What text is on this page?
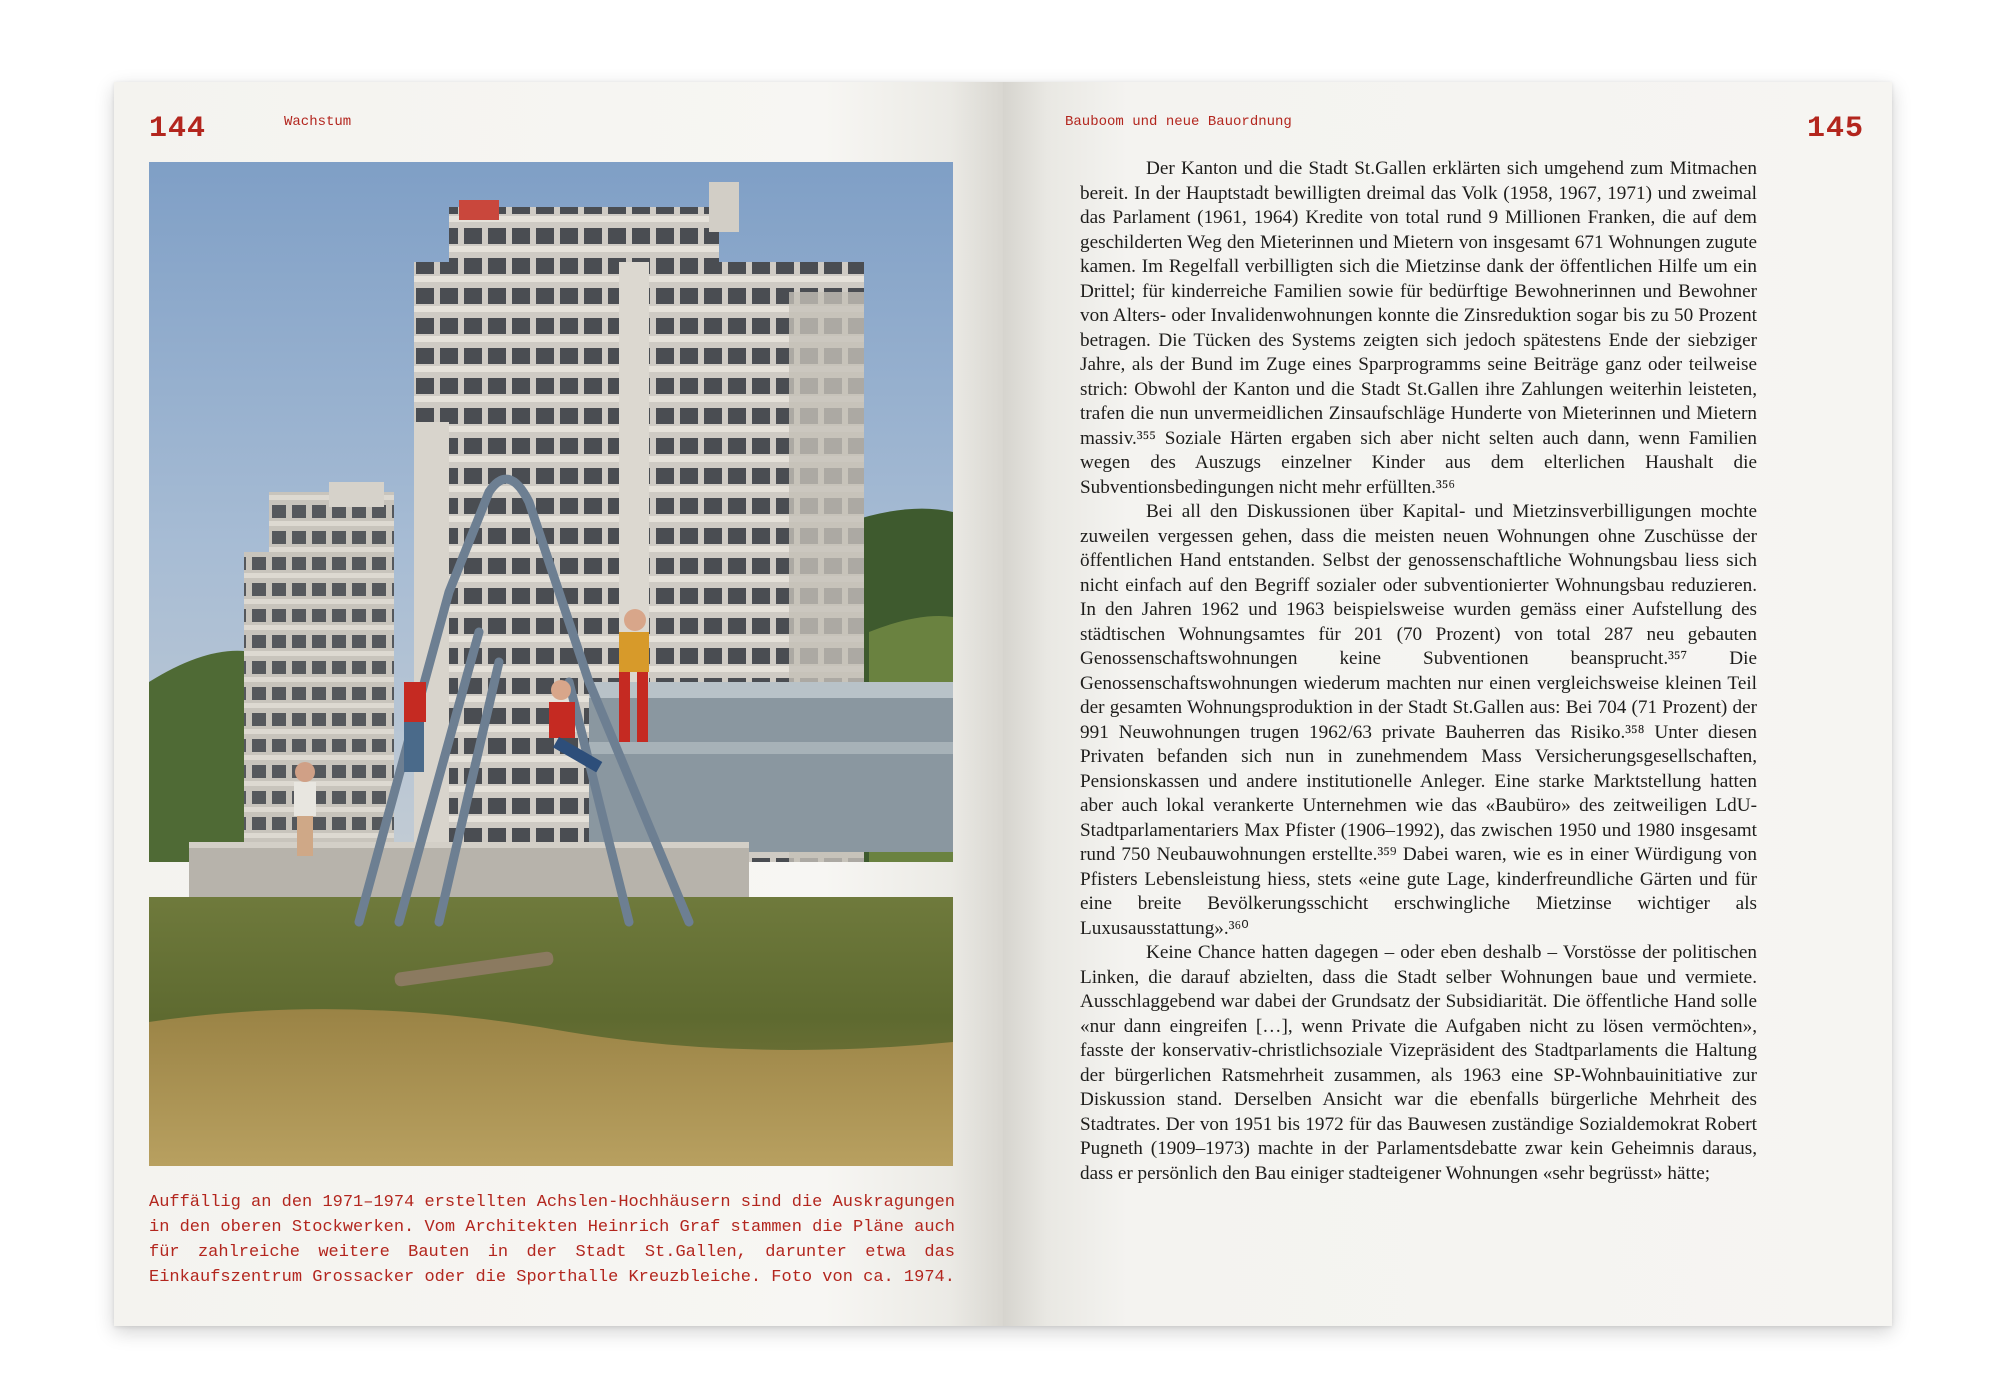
144	Wachstum

Auffällig an den 1971–1974 erstellten Achslen-Hochhäusern sind die Auskragungen in den oberen Stockwerken. Vom Architekten Heinrich Graf stammen die Pläne auch für zahlreiche weitere Bauten in der Stadt St.Gallen, darunter etwa das Einkaufszentrum Grossacker oder die Sporthalle Kreuzbleiche. Foto von ca. 1974.

Bauboom und neue Bauordnung	145

Der Kanton und die Stadt St.Gallen erklärten sich umgehend zum Mitmachen bereit. In der Hauptstadt bewilligten dreimal das Volk (1958, 1967, 1971) und zweimal das Parlament (1961, 1964) Kredite von total rund 9 Millionen Franken, die auf dem geschilderten Weg den Mieterinnen und Mietern von insgesamt 671 Wohnungen zugute kamen. Im Regelfall verbilligten sich die Mietzinse dank der öffentlichen Hilfe um ein Drittel; für kinderreiche Familien sowie für bedürftige Bewohnerinnen und Bewohner von Alters- oder Invalidenwohnungen konnte die Zinsreduktion sogar bis zu 50 Prozent betragen. Die Tücken des Systems zeigten sich jedoch spätestens Ende der siebziger Jahre, als der Bund im Zuge eines Sparprogramms seine Beiträge ganz oder teilweise strich: Obwohl der Kanton und die Stadt St.Gallen ihre Zahlungen weiterhin leisteten, trafen die nun unvermeidlichen Zinsaufschläge Hunderte von Mieterinnen und Mietern massiv.³⁵⁵ Soziale Härten ergaben sich aber nicht selten auch dann, wenn Familien wegen des Auszugs einzelner Kinder aus dem elterlichen Haushalt die Subventionsbedingungen nicht mehr erfüllten.³⁵⁶

Bei all den Diskussionen über Kapital- und Mietzinsverbilligungen mochte zuweilen vergessen gehen, dass die meisten neuen Wohnungen ohne Zuschüsse der öffentlichen Hand entstanden. Selbst der genossenschaftliche Wohnungsbau liess sich nicht einfach auf den Begriff sozialer oder subventionierter Wohnungsbau reduzieren. In den Jahren 1962 und 1963 beispielsweise wurden gemäss einer Aufstellung des städtischen Wohnungsamtes für 201 (70 Prozent) von total 287 neu gebauten Genossenschaftswohnungen keine Subventionen beansprucht.³⁵⁷ Die Genossenschaftswohnungen wiederum machten nur einen vergleichsweise kleinen Teil der gesamten Wohnungsproduktion in der Stadt St.Gallen aus: Bei 704 (71 Prozent) der 991 Neuwohnungen trugen 1962/63 private Bauherren das Risiko.³⁵⁸ Unter diesen Privaten befanden sich nun in zunehmendem Mass Versicherungsgesellschaften, Pensionskassen und andere institutionelle Anleger. Eine starke Marktstellung hatten aber auch lokal verankerte Unternehmen wie das «Baubüro» des zeitweiligen LdU-Stadtparlamentariers Max Pfister (1906–1992), das zwischen 1950 und 1980 insgesamt rund 750 Neubauwohnungen erstellte.³⁵⁹ Dabei waren, wie es in einer Würdigung von Pfisters Lebensleistung hiess, stets «eine gute Lage, kinderfreundliche Gärten und für eine breite Bevölkerungsschicht erschwingliche Mietzinse wichtiger als Luxusausstattung».³⁶⁰

Keine Chance hatten dagegen – oder eben deshalb – Vorstösse der politischen Linken, die darauf abzielten, dass die Stadt selber Wohnungen baue und vermiete. Ausschlaggebend war dabei der Grundsatz der Subsidiarität. Die öffentliche Hand solle «nur dann eingreifen […], wenn Private die Aufgaben nicht zu lösen vermöchten», fasste der konservativ-christlichsoziale Vizepräsident des Stadtparlaments die Haltung der bürgerlichen Ratsmehrheit zusammen, als 1963 eine SP-Wohnbauinitiative zur Diskussion stand. Derselben Ansicht war die ebenfalls bürgerliche Mehrheit des Stadtrates. Der von 1951 bis 1972 für das Bauwesen zuständige Sozialdemokrat Robert Pugneth (1909–1973) machte in der Parlamentsdebatte zwar kein Geheimnis daraus, dass er persönlich den Bau einiger stadteigener Wohnungen «sehr begrüsst» hätte;
